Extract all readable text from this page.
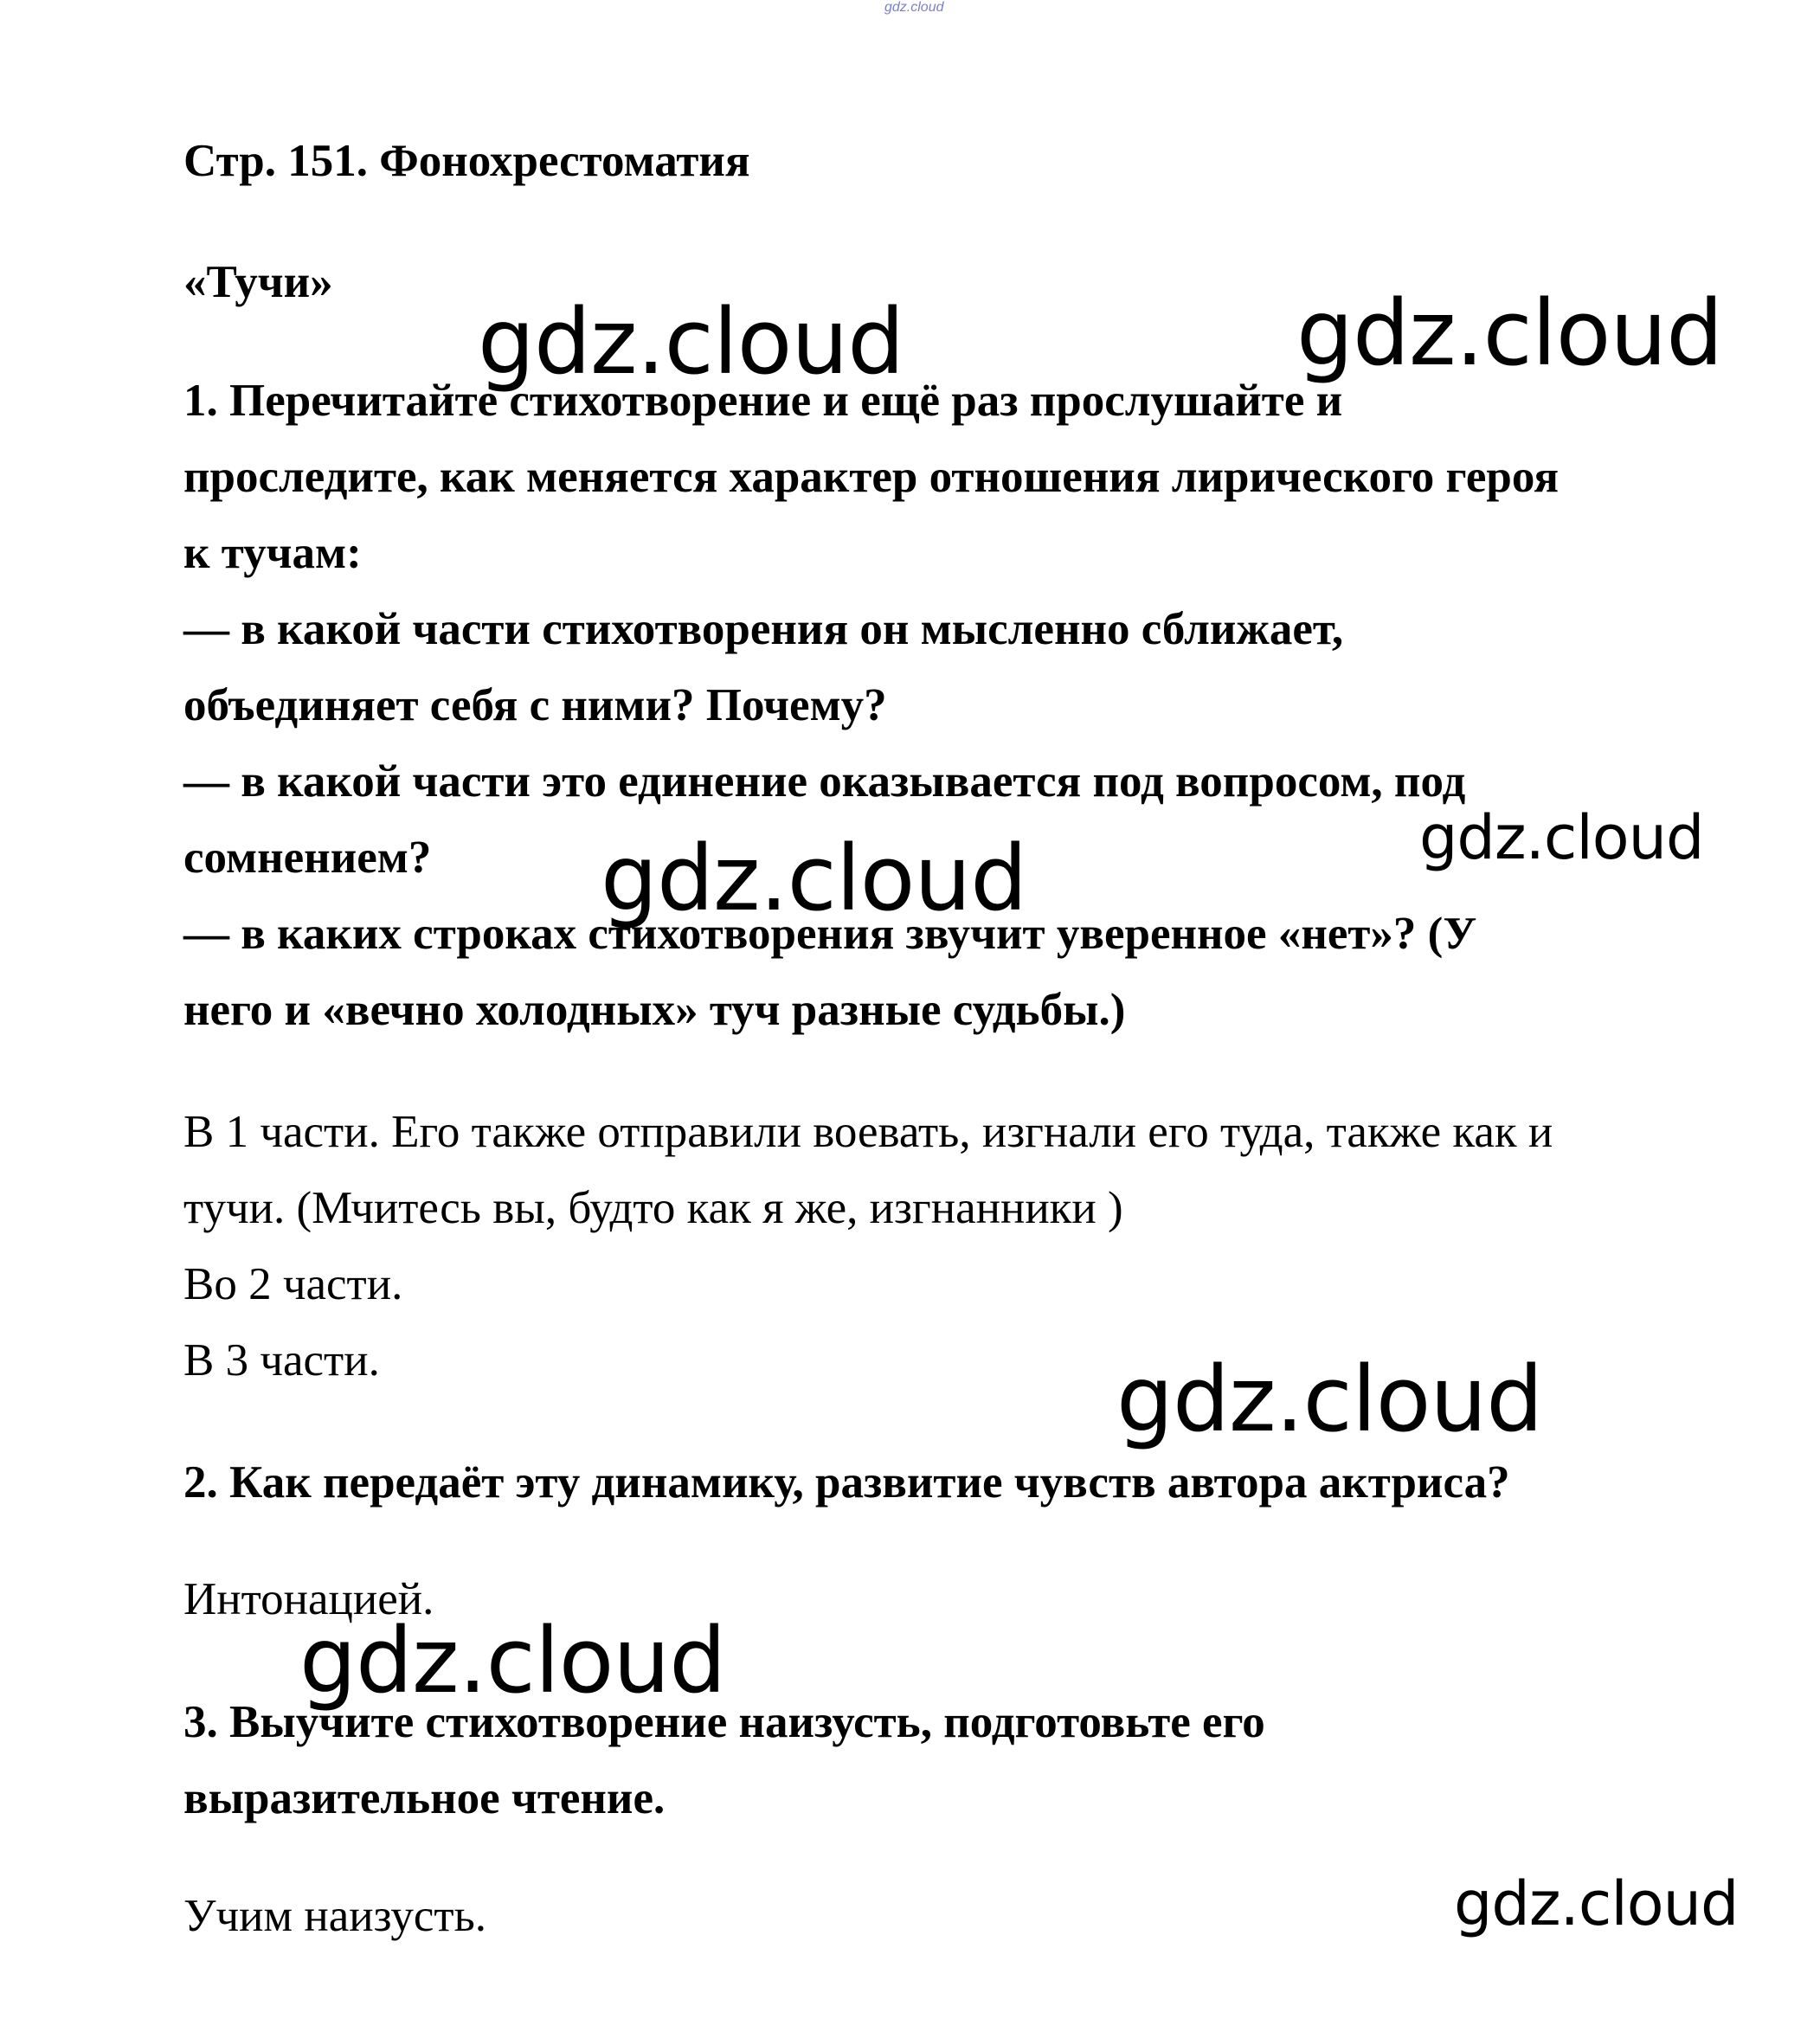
gdz.cloud
Стр. 151. Фонохрестоматия
«Тучи»
1. Перечитайте стихотворение и ещё раз прослушайте и
проследите, как меняется характер отношения лирического героя
к тучам:
— в какой части стихотворения он мысленно сближает,
объединяет себя с ними? Почему?
— в какой части это единение оказывается под вопросом, под
сомнением?
— в каких строках стихотворения звучит уверенное «нет»? (У
него и «вечно холодных» туч разные судьбы.)
В 1 части. Его также отправили воевать, изгнали его туда, также как и
тучи. (Мчитесь вы, будто как я же, изгнанники )
Во 2 части.
В 3 части.
2. Как передаёт эту динамику, развитие чувств автора актриса?
Интонацией.
3. Выучите стихотворение наизусть, подготовьте его
выразительное чтение.
Учим наизусть.
gdz.cloud	gdz.cloud
gdz.cloud
gdz.cloud
gdz.cloud
gdz.cloud
gdz.cloud
